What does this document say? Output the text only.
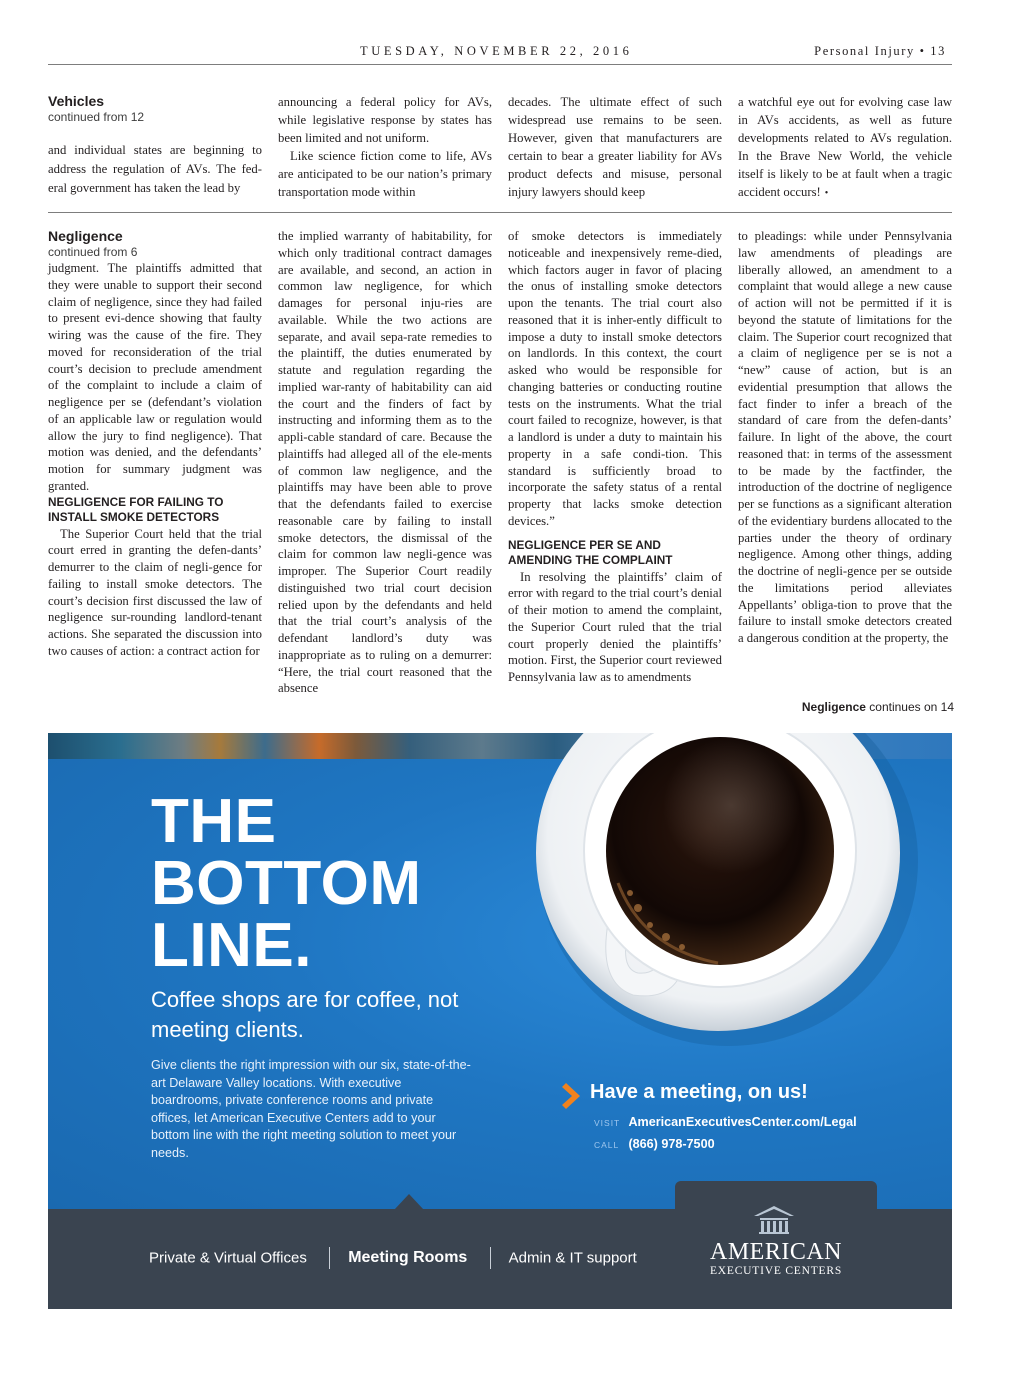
TUESDAY, NOVEMBER 22, 2016	Personal Injury • 13

Vehicles

continued from 12

and individual states are beginning to address the regulation of AVs. The fed-eral government has taken the lead by

announcing a federal policy for AVs, while legislative response by states has been limited and not uniform.

Like science fiction come to life, AVs are anticipated to be our nation’s primary transportation mode within

decades. The ultimate effect of such widespread use remains to be seen. However, given that manufacturers are certain to bear a greater liability for AVs product defects and misuse, personal injury lawyers should keep

a watchful eye out for evolving case law in AVs accidents, as well as future developments related to AVs regulation. In the Brave New World, the vehicle itself is likely to be at fault when a tragic accident occurs! •

Negligence

continued from 6

judgment. The plaintiffs admitted that they were unable to support their second claim of negligence, since they had failed to present evi-dence showing that faulty wiring was the cause of the fire. They moved for reconsideration of the trial court’s decision to preclude amendment of the complaint to include a claim of negligence per se (defendant’s violation of an applicable law or regulation would allow the jury to find negligence). That motion was denied, and the defendants’ motion for summary judgment was granted.

NEGLIGENCE FOR FAILING TO INSTALL SMOKE DETECTORS

The Superior Court held that the trial court erred in granting the defen-dants’ demurrer to the claim of negli-gence for failing to install smoke detectors. The court’s decision first discussed the law of negligence sur-rounding landlord-tenant actions. She separated the discussion into two causes of action: a contract action for

the implied warranty of habitability, for which only traditional contract damages are available, and second, an action in common law negligence, for which damages for personal inju-ries are available. While the two actions are separate, and avail sepa-rate remedies to the plaintiff, the duties enumerated by statute and regulation regarding the implied war-ranty of habitability can aid the court and the finders of fact by instructing and informing them as to the appli-cable standard of care. Because the plaintiffs had alleged all of the ele-ments of common law negligence, and the plaintiffs may have been able to prove that the defendants failed to exercise reasonable care by failing to install smoke detectors, the dismissal of the claim for common law negli-gence was improper. The Superior Court readily distinguished two trial court decision relied upon by the defendants and held that the trial court’s analysis of the defendant landlord’s duty was inappropriate as to ruling on a demurrer: “Here, the trial court reasoned that the absence

of smoke detectors is immediately noticeable and inexpensively reme-died, which factors auger in favor of placing the onus of installing smoke detectors upon the tenants. The trial court also reasoned that it is inher-ently difficult to impose a duty to install smoke detectors on landlords. In this context, the court asked who would be responsible for changing batteries or conducting routine tests on the instruments. What the trial court failed to recognize, however, is that a landlord is under a duty to maintain his property in a safe condi-tion. This standard is sufficiently broad to incorporate the safety status of a rental property that lacks smoke detection devices.”

NEGLIGENCE PER SE AND AMENDING THE COMPLAINT

In resolving the plaintiffs’ claim of error with regard to the trial court’s denial of their motion to amend the complaint, the Superior Court ruled that the trial court properly denied the plaintiffs’ motion. First, the Superior court reviewed Pennsylvania law as to amendments

to pleadings: while under Pennsylvania law amendments of pleadings are liberally allowed, an amendment to a complaint that would allege a new cause of action will not be permitted if it is beyond the statute of limitations for the claim. The Superior court recognized that a claim of negligence per se is not a “new” cause of action, but is an evidential presumption that allows the fact finder to infer a breach of the standard of care from the defen-dants’ failure. In light of the above, the court reasoned that: in terms of the assessment to be made by the factfinder, the introduction of the doctrine of negligence per se functions as a significant alteration of the evidentiary burdens allocated to the parties under the theory of ordinary negligence. Among other things, adding the doctrine of negli-gence per se outside the limitations period alleviates Appellants’ obliga-tion to prove that the failure to install smoke detectors created a dangerous condition at the property, the

Negligence continues on 14
THE
BOTTOM
LINE.
Coffee shops are for coffee, not meeting clients.
Give clients the right impression with our six, state-of-the-art Delaware Valley locations. With executive boardrooms, private conference rooms and private offices, let American Executive Centers add to your bottom line with the right meeting solution to meet your needs.
Have a meeting, on us!
VISIT AmericanExecutivesCenter.com/Legal
CALL (866) 978-7500
Private & Virtual Offices	Meeting Rooms	Admin & IT support	AMERICAN
EXECUTIVE CENTERS
